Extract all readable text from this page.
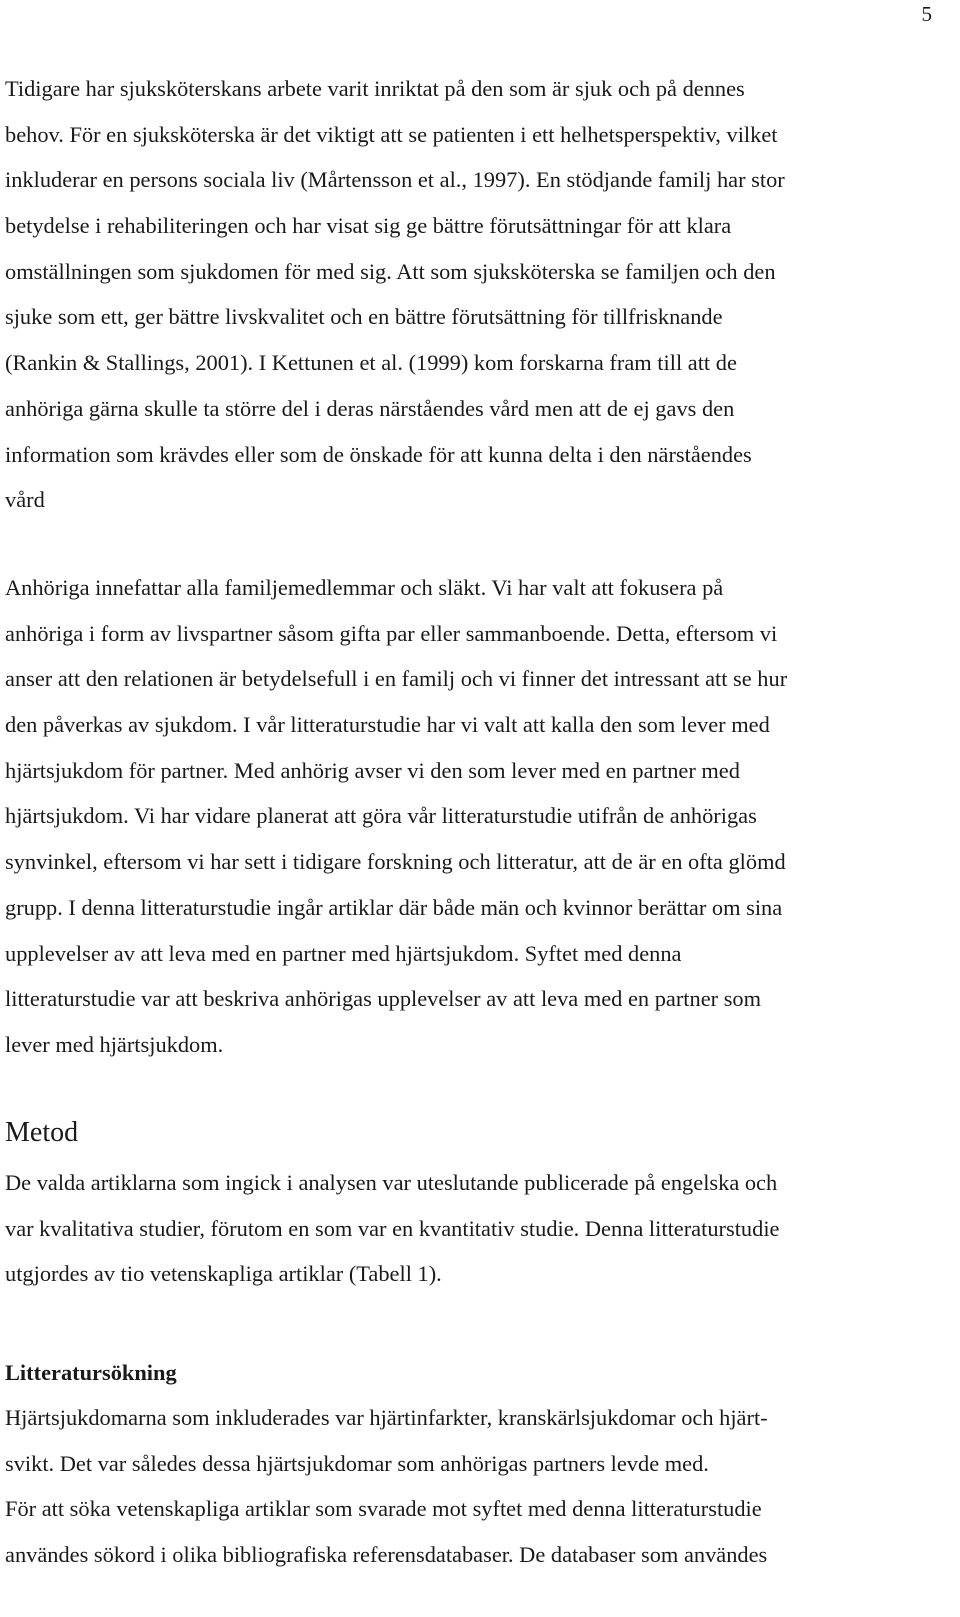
5
Tidigare har sjuksköterskans arbete varit inriktat på den som är sjuk och på dennes
behov. För en sjuksköterska är det viktigt att se patienten i ett helhetsperspektiv, vilket
inkluderar en persons sociala liv (Mårtensson et al., 1997). En stödjande familj har stor
betydelse i rehabiliteringen och har visat sig ge bättre förutsättningar för att klara
omställningen som sjukdomen för med sig. Att som sjuksköterska se familjen och den
sjuke som ett, ger bättre livskvalitet och en bättre förutsättning för tillfrisknande
(Rankin & Stallings, 2001). I Kettunen et al. (1999) kom forskarna fram till att de
anhöriga gärna skulle ta större del i deras närståendes vård men att de ej gavs den
information som krävdes eller som de önskade för att kunna delta i den närståendes
vård
Anhöriga innefattar alla familjemedlemmar och släkt. Vi har valt att fokusera på
anhöriga i form av livspartner såsom gifta par eller sammanboende. Detta, eftersom vi
anser att den relationen är betydelsefull i en familj och vi finner det intressant att se hur
den påverkas av sjukdom. I vår litteraturstudie har vi valt att kalla den som lever med
hjärtsjukdom för partner. Med anhörig avser vi den som lever med en partner med
hjärtsjukdom. Vi har vidare planerat att göra vår litteraturstudie utifrån de anhörigas
synvinkel, eftersom vi har sett i tidigare forskning och litteratur, att de är en ofta glömd
grupp. I denna litteraturstudie ingår artiklar där både män och kvinnor berättar om sina
upplevelser av att leva med en partner med hjärtsjukdom. Syftet med denna
litteraturstudie var att beskriva anhörigas upplevelser av att leva med en partner som
lever med hjärtsjukdom.
Metod
De valda artiklarna som ingick i analysen var uteslutande publicerade på engelska och
var kvalitativa studier, förutom en som var en kvantitativ studie. Denna litteraturstudie
utgjordes av tio vetenskapliga artiklar (Tabell 1).
Litteratursökning
Hjärtsjukdomarna som inkluderades var hjärtinfarkter, kranskärlsjukdomar och hjärt-
svikt. Det var således dessa hjärtsjukdomar som anhörigas partners levde med.
För att söka vetenskapliga artiklar som svarade mot syftet med denna litteraturstudie
användes sökord i olika bibliografiska referensdatabaser. De databaser som användes
